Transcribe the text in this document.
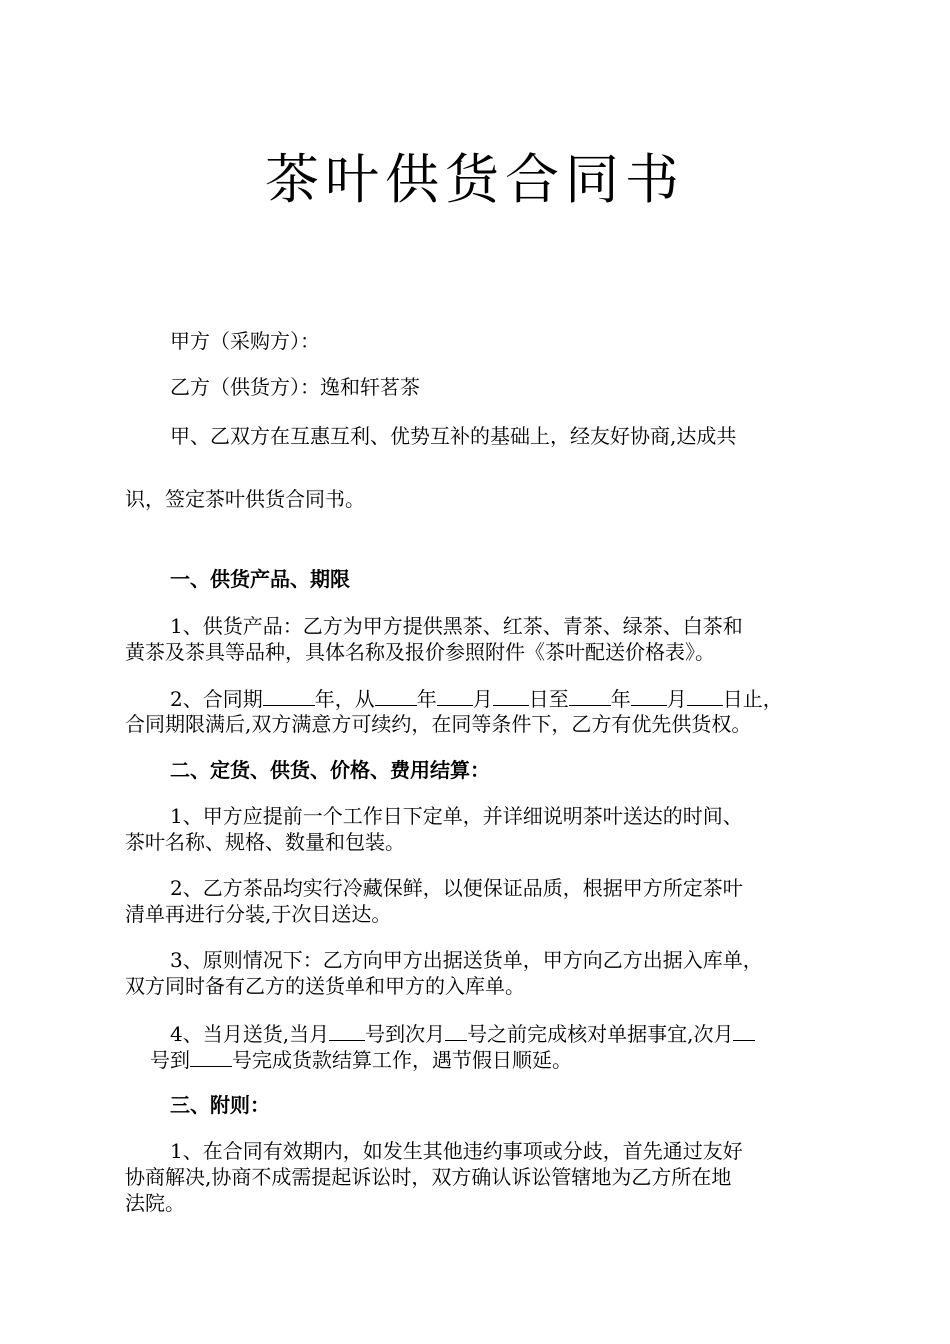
茶叶供货合同书
甲方（采购方）：
乙方（供货方）：逸和轩茗茶
甲、乙双方在互惠互利、优势互补的基础上，经友好协商,达成共
识，签定茶叶供货合同书。
一、供货产品、期限
1、供货产品：乙方为甲方提供黑茶、红茶、青茶、绿茶、白茶和
黄茶及茶具等品种，具体名称及报价参照附件《茶叶配送价格表》。
2、合同期	年，从 年 月 日至 年 月 日止，
合同期限满后,双方满意方可续约，在同等条件下，乙方有优先供货权。
二、定货、供货、价格、费用结算：
1、甲方应提前一个工作日下定单，并详细说明茶叶送达的时间、
茶叶名称、规格、数量和包装。
2、乙方茶品均实行冷藏保鲜，以便保证品质，根据甲方所定茶叶
清单再进行分装,于次日送达。
3、原则情况下：乙方向甲方出据送货单，甲方向乙方出据入库单，
双方同时备有乙方的送货单和甲方的入库单。
4、当月送货,当月 号到次月 号之前完成核对单据事宜,次月
号到 号完成货款结算工作，遇节假日顺延。
三、附则：
1、在合同有效期内，如发生其他违约事项或分歧，首先通过友好
协商解决,协商不成需提起诉讼时，双方确认诉讼管辖地为乙方所在地
法院。
